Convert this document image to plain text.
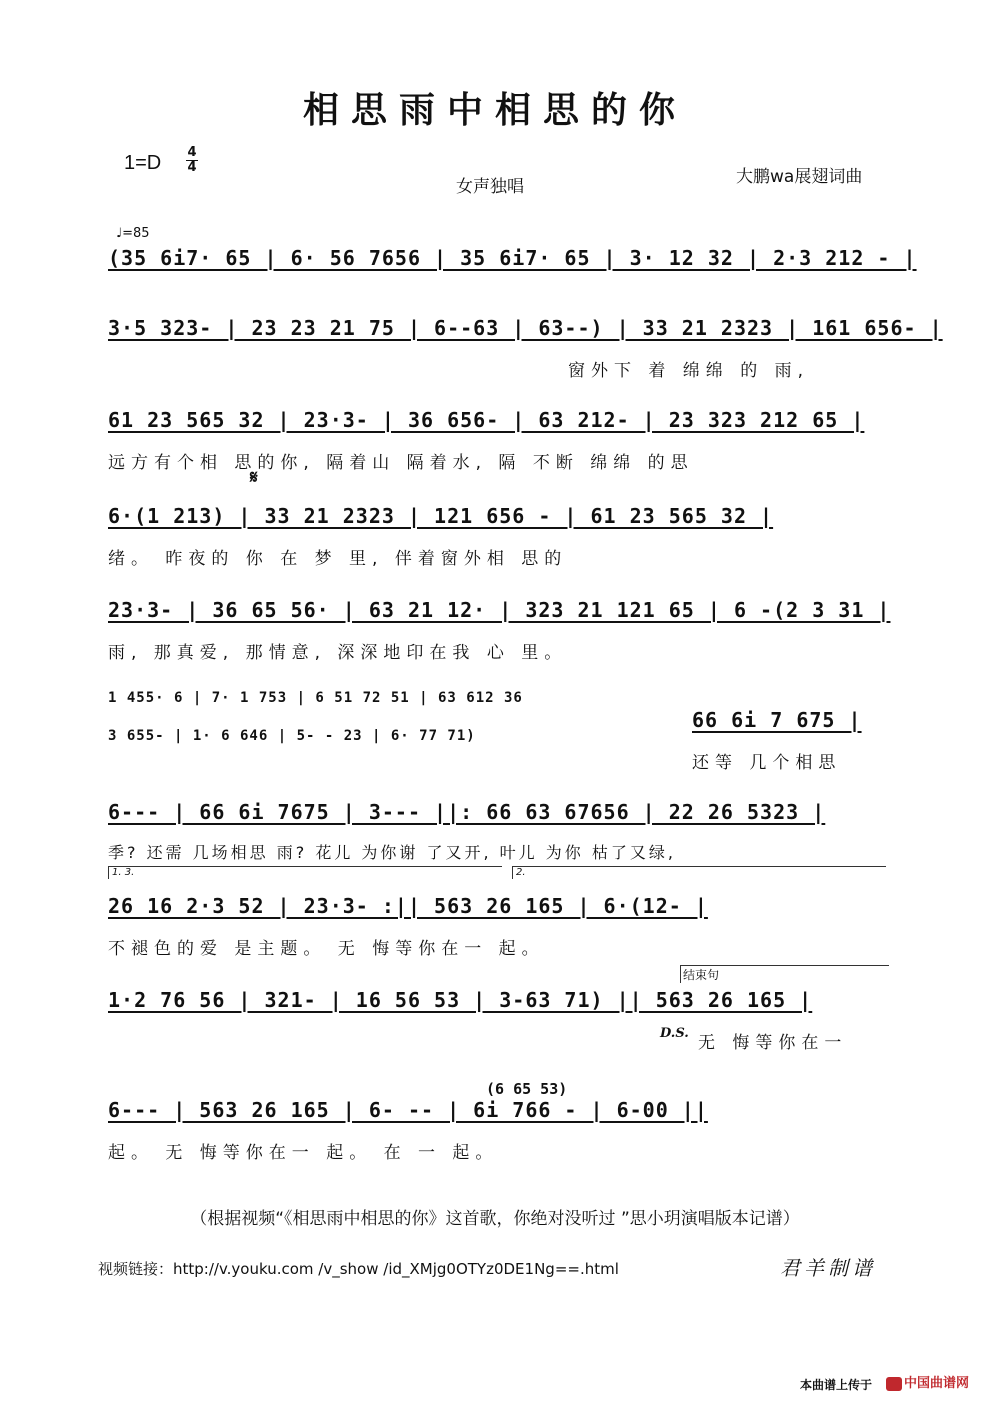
相思雨中相思的你
1=D 4
4
女声独唱	大鹏wa展翅词曲
♩=85
(35 6i7· 65 | 6· 56 7656 | 35 6i7· 65 | 3· 12 32 | 2·3 212 - |
3·5 323- | 23 23 21 75 | 6--63 | 63--) | 33 21 2323 | 161 656- |
窗外下 着 绵绵 的 雨,
61 23 565 32 | 23·3- | 36 656- | 63 212- | 23 323 212 65 |
远方有个相 思的你, 隔着山 隔着水, 隔 不断 绵绵 的思
𝄋
6·(1 213) | 33 21 2323 | 121 656 - | 61 23 565 32 |
绪。 昨夜的 你 在 梦 里, 伴着窗外相 思的
23·3- | 36 65 56· | 63 21 12· | 323 21 121 65 | 6 -(2 3 31 |
雨, 那真爱, 那情意, 深深地印在我 心 里。
1 455· 6 | 7· 1 753 | 6 51 72 51 | 63 612 36
3 655- | 1· 6 646 | 5- - 23 | 6· 77 71)
66 6i 7 675 |
还等 几个相思
6--- | 66 6i 7675 | 3--- ||: 66 63 67656 | 22 26 5323 |
季? 还需 几场相思 雨? 花儿 为你谢 了又开, 叶儿 为你 枯了又绿,
1. 3.	2.
26 16 2·3 52 | 23·3- :|| 563 26 165 | 6·(12- |
不褪色的爱 是主题。 无 悔等你在一 起。
结束句
1·2 76 56 | 321- | 16 56 53 | 3-63 71) || 563 26 165 |
无 悔等你在一
D.S.
(6 65 53)
6--- | 563 26 165 | 6- -- | 6i 766 - | 6-00 ||
起。 无 悔等你在一 起。 在 一 起。
（根据视频“《相思雨中相思的你》这首歌，你绝对没听过 ”思小玥演唱版本记谱）
视频链接：http://v.youku.com /v_show /id_XMjg0OTYz0DE1Ng==.html	君羊制谱
本曲谱上传于	中国曲谱网
